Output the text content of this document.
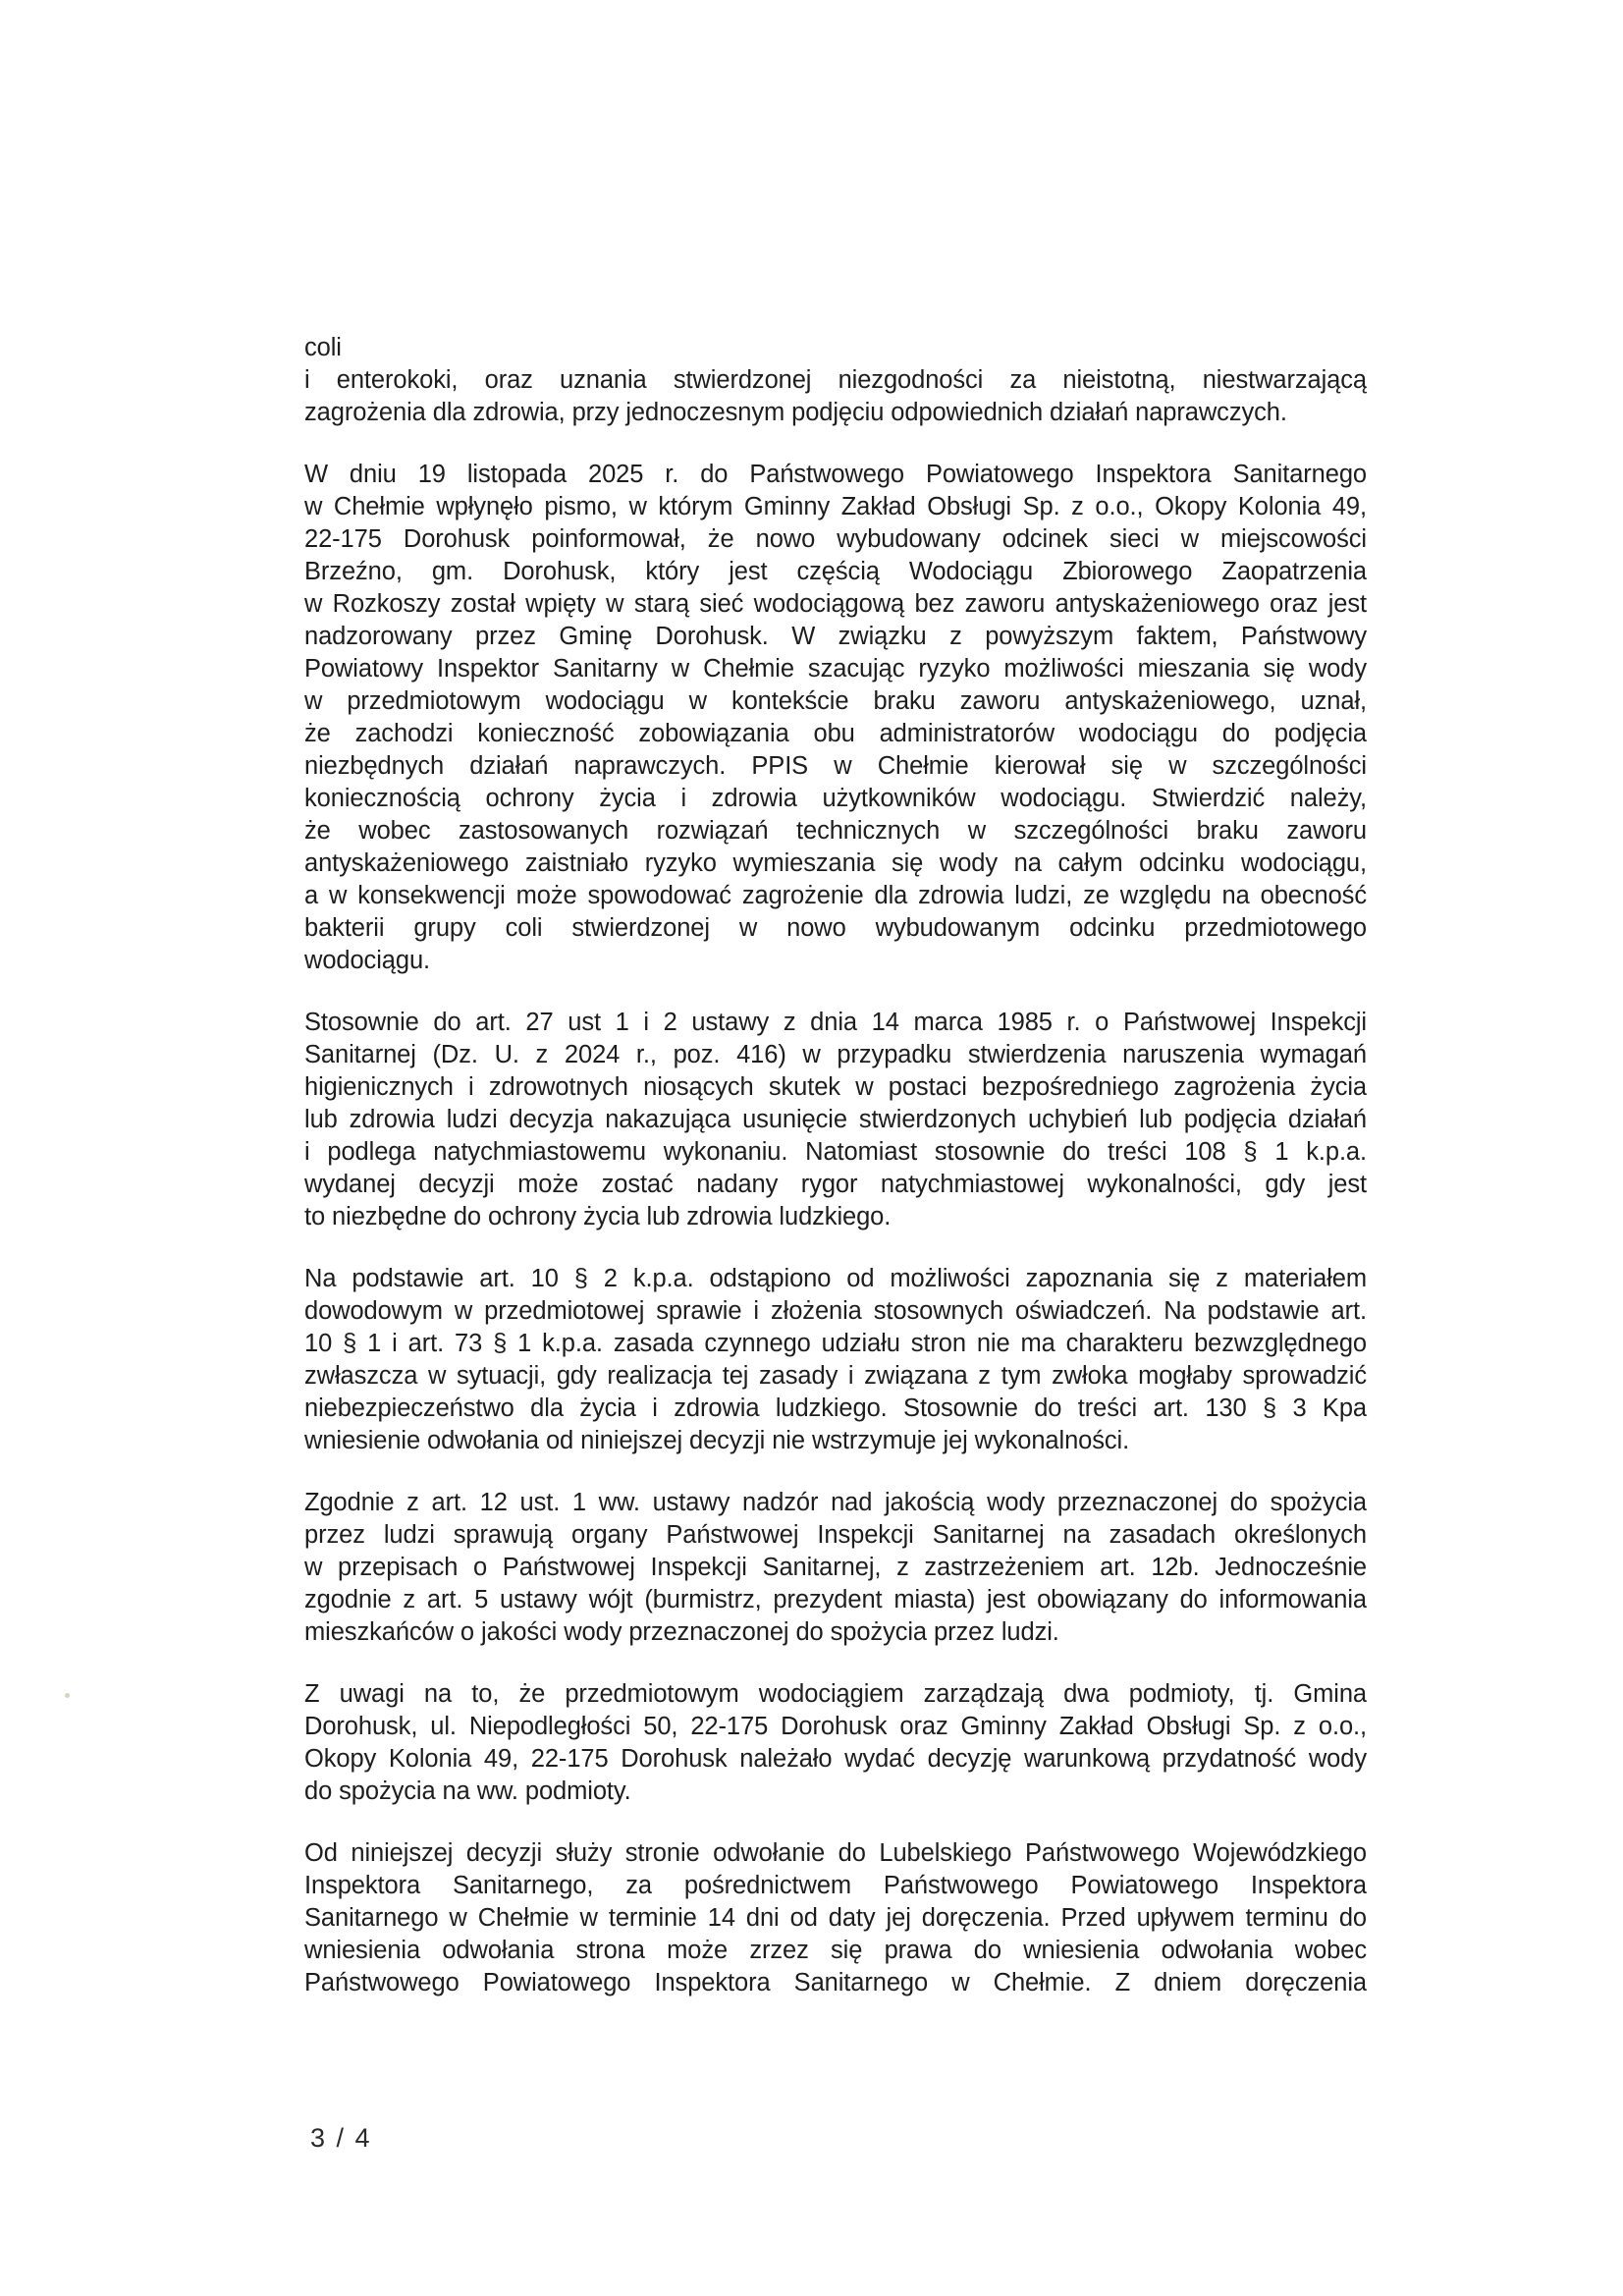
coli
i enterokoki, oraz uznania stwierdzonej niezgodności za nieistotną, niestwarzającą
zagrożenia dla zdrowia, przy jednoczesnym podjęciu odpowiednich działań naprawczych.
W dniu 19 listopada 2025 r. do Państwowego Powiatowego Inspektora Sanitarnego
w Chełmie wpłynęło pismo, w którym Gminny Zakład Obsługi Sp. z o.o., Okopy Kolonia 49,
22-175 Dorohusk poinformował, że nowo wybudowany odcinek sieci w miejscowości
Brzeźno, gm. Dorohusk, który jest częścią Wodociągu Zbiorowego Zaopatrzenia
w Rozkoszy został wpięty w starą sieć wodociągową bez zaworu antyskażeniowego oraz jest
nadzorowany przez Gminę Dorohusk. W związku z powyższym faktem, Państwowy
Powiatowy Inspektor Sanitarny w Chełmie szacując ryzyko możliwości mieszania się wody
w przedmiotowym wodociągu w kontekście braku zaworu antyskażeniowego, uznał,
że zachodzi konieczność zobowiązania obu administratorów wodociągu do podjęcia
niezbędnych działań naprawczych. PPIS w Chełmie kierował się w szczególności
koniecznością ochrony życia i zdrowia użytkowników wodociągu. Stwierdzić należy,
że wobec zastosowanych rozwiązań technicznych w szczególności braku zaworu
antyskażeniowego zaistniało ryzyko wymieszania się wody na całym odcinku wodociągu,
a w konsekwencji może spowodować zagrożenie dla zdrowia ludzi, ze względu na obecność
bakterii grupy coli stwierdzonej w nowo wybudowanym odcinku przedmiotowego
wodociągu.
Stosownie do art. 27 ust 1 i 2 ustawy z dnia 14 marca 1985 r. o Państwowej Inspekcji
Sanitarnej (Dz. U. z 2024 r., poz. 416) w przypadku stwierdzenia naruszenia wymagań
higienicznych i zdrowotnych niosących skutek w postaci bezpośredniego zagrożenia życia
lub zdrowia ludzi decyzja nakazująca usunięcie stwierdzonych uchybień lub podjęcia działań
i podlega natychmiastowemu wykonaniu. Natomiast stosownie do treści 108 § 1 k.p.a.
wydanej decyzji może zostać nadany rygor natychmiastowej wykonalności, gdy jest
to niezbędne do ochrony życia lub zdrowia ludzkiego.
Na podstawie art. 10 § 2 k.p.a. odstąpiono od możliwości zapoznania się z materiałem
dowodowym w przedmiotowej sprawie i złożenia stosownych oświadczeń. Na podstawie art.
10 § 1 i art. 73 § 1 k.p.a. zasada czynnego udziału stron nie ma charakteru bezwzględnego
zwłaszcza w sytuacji, gdy realizacja tej zasady i związana z tym zwłoka mogłaby sprowadzić
niebezpieczeństwo dla życia i zdrowia ludzkiego. Stosownie do treści art. 130 § 3 Kpa
wniesienie odwołania od niniejszej decyzji nie wstrzymuje jej wykonalności.
Zgodnie z art. 12 ust. 1 ww. ustawy nadzór nad jakością wody przeznaczonej do spożycia
przez ludzi sprawują organy Państwowej Inspekcji Sanitarnej na zasadach określonych
w przepisach o Państwowej Inspekcji Sanitarnej, z zastrzeżeniem art. 12b. Jednocześnie
zgodnie z art. 5 ustawy wójt (burmistrz, prezydent miasta) jest obowiązany do informowania
mieszkańców o jakości wody przeznaczonej do spożycia przez ludzi.
Z uwagi na to, że przedmiotowym wodociągiem zarządzają dwa podmioty, tj. Gmina
Dorohusk, ul. Niepodległości 50, 22-175 Dorohusk oraz Gminny Zakład Obsługi Sp. z o.o.,
Okopy Kolonia 49, 22-175 Dorohusk należało wydać decyzję warunkową przydatność wody
do spożycia na ww. podmioty.
Od niniejszej decyzji służy stronie odwołanie do Lubelskiego Państwowego Wojewódzkiego
Inspektora Sanitarnego, za pośrednictwem Państwowego Powiatowego Inspektora
Sanitarnego w Chełmie w terminie 14 dni od daty jej doręczenia. Przed upływem terminu do
wniesienia odwołania strona może zrzez się prawa do wniesienia odwołania wobec
Państwowego Powiatowego Inspektora Sanitarnego w Chełmie. Z dniem doręczenia
3 / 4
